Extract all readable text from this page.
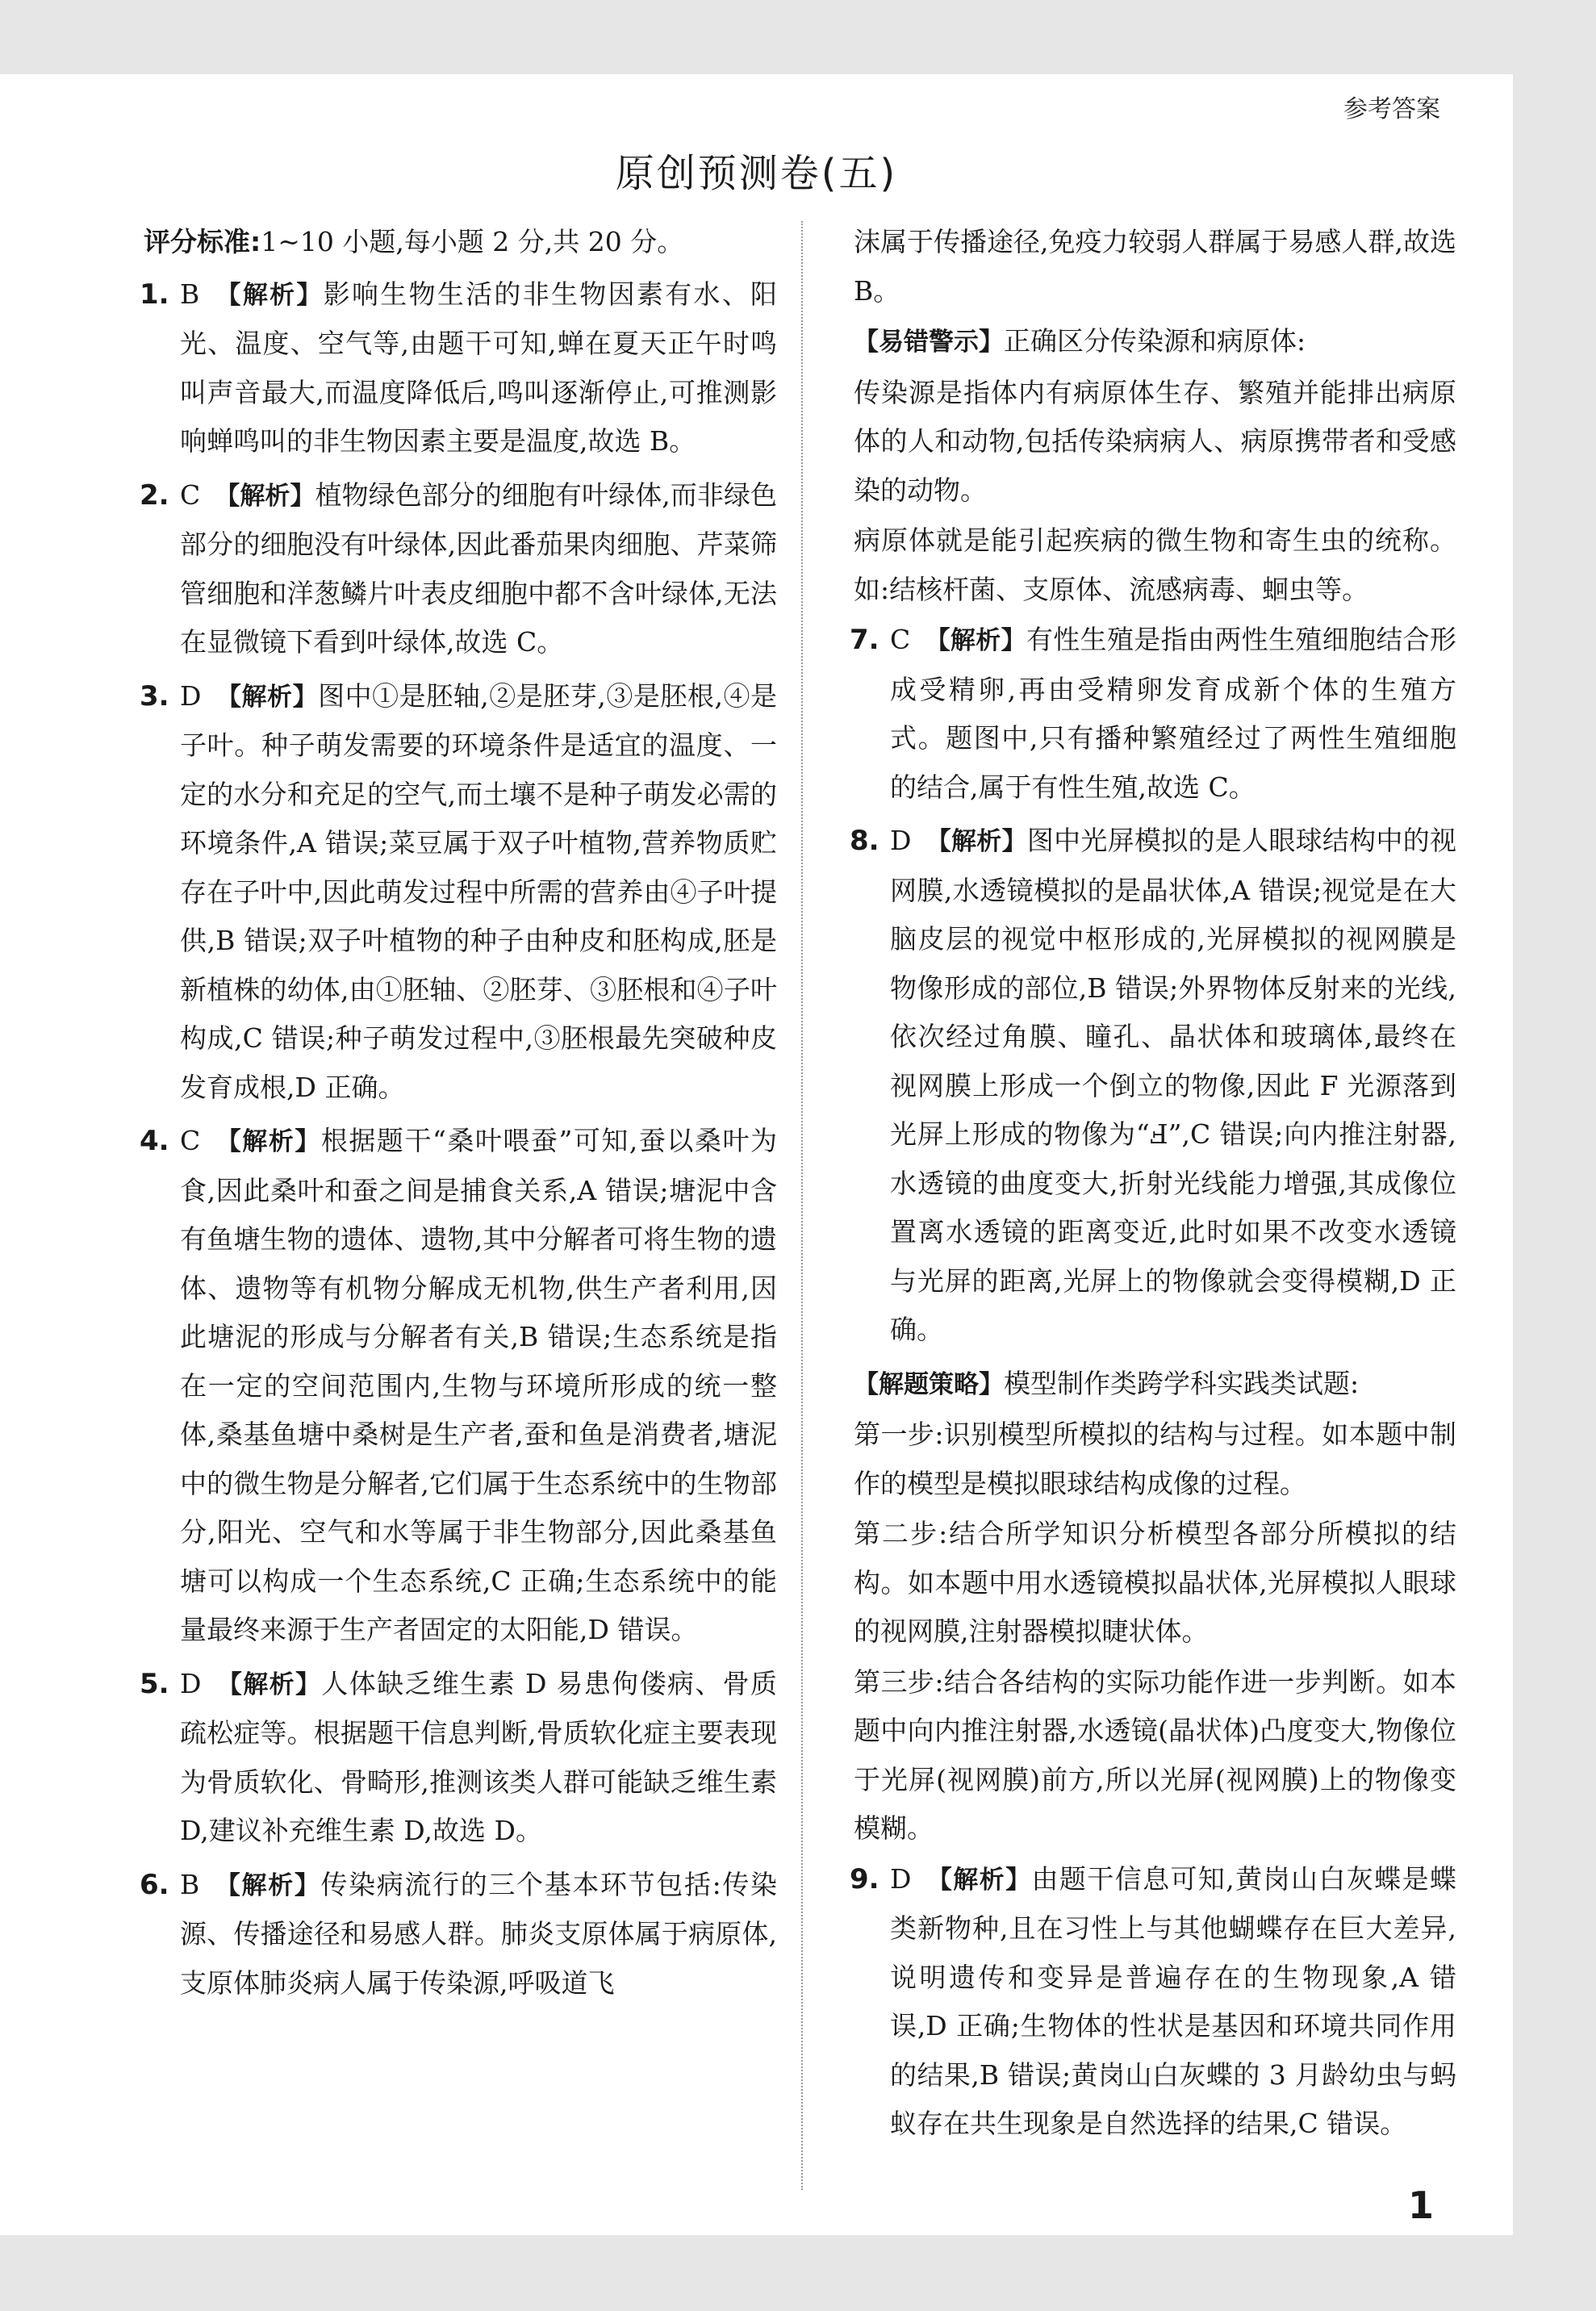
参考答案
原创预测卷(五)

评分标准:1~10 小题,每小题 2 分,共 20 分。

1. B 【解析】影响生物生活的非生物因素有水、阳光、温度、空气等,由题干可知,蝉在夏天正午时鸣叫声音最大,而温度降低后,鸣叫逐渐停止,可推测影响蝉鸣叫的非生物因素主要是温度,故选 B。

2. C 【解析】植物绿色部分的细胞有叶绿体,而非绿色部分的细胞没有叶绿体,因此番茄果肉细胞、芹菜筛管细胞和洋葱鳞片叶表皮细胞中都不含叶绿体,无法在显微镜下看到叶绿体,故选 C。

3. D 【解析】图中①是胚轴,②是胚芽,③是胚根,④是子叶。种子萌发需要的环境条件是适宜的温度、一定的水分和充足的空气,而土壤不是种子萌发必需的环境条件,A 错误;菜豆属于双子叶植物,营养物质贮存在子叶中,因此萌发过程中所需的营养由④子叶提供,B 错误;双子叶植物的种子由种皮和胚构成,胚是新植株的幼体,由①胚轴、②胚芽、③胚根和④子叶构成,C 错误;种子萌发过程中,③胚根最先突破种皮发育成根,D 正确。

4. C 【解析】根据题干“桑叶喂蚕”可知,蚕以桑叶为食,因此桑叶和蚕之间是捕食关系,A 错误;塘泥中含有鱼塘生物的遗体、遗物,其中分解者可将生物的遗体、遗物等有机物分解成无机物,供生产者利用,因此塘泥的形成与分解者有关,B 错误;生态系统是指在一定的空间范围内,生物与环境所形成的统一整体,桑基鱼塘中桑树是生产者,蚕和鱼是消费者,塘泥中的微生物是分解者,它们属于生态系统中的生物部分,阳光、空气和水等属于非生物部分,因此桑基鱼塘可以构成一个生态系统,C 正确;生态系统中的能量最终来源于生产者固定的太阳能,D 错误。

5. D 【解析】人体缺乏维生素 D 易患佝偻病、骨质疏松症等。根据题干信息判断,骨质软化症主要表现为骨质软化、骨畸形,推测该类人群可能缺乏维生素 D,建议补充维生素 D,故选 D。

6. B 【解析】传染病流行的三个基本环节包括:传染源、传播途径和易感人群。肺炎支原体属于病原体,支原体肺炎病人属于传染源,呼吸道飞

沫属于传播途径,免疫力较弱人群属于易感人群,故选 B。

【易错警示】正确区分传染源和病原体:

传染源是指体内有病原体生存、繁殖并能排出病原体的人和动物,包括传染病病人、病原携带者和受感染的动物。

病原体就是能引起疾病的微生物和寄生虫的统称。如:结核杆菌、支原体、流感病毒、蛔虫等。

7. C 【解析】有性生殖是指由两性生殖细胞结合形成受精卵,再由受精卵发育成新个体的生殖方式。题图中,只有播种繁殖经过了两性生殖细胞的结合,属于有性生殖,故选 C。

8. D 【解析】图中光屏模拟的是人眼球结构中的视网膜,水透镜模拟的是晶状体,A 错误;视觉是在大脑皮层的视觉中枢形成的,光屏模拟的视网膜是物像形成的部位,B 错误;外界物体反射来的光线,依次经过角膜、瞳孔、晶状体和玻璃体,最终在视网膜上形成一个倒立的物像,因此 F 光源落到光屏上形成的物像为“Ⅎ”,C 错误;向内推注射器,水透镜的曲度变大,折射光线能力增强,其成像位置离水透镜的距离变近,此时如果不改变水透镜与光屏的距离,光屏上的物像就会变得模糊,D 正确。

【解题策略】模型制作类跨学科实践类试题:

第一步:识别模型所模拟的结构与过程。如本题中制作的模型是模拟眼球结构成像的过程。

第二步:结合所学知识分析模型各部分所模拟的结构。如本题中用水透镜模拟晶状体,光屏模拟人眼球的视网膜,注射器模拟睫状体。

第三步:结合各结构的实际功能作进一步判断。如本题中向内推注射器,水透镜(晶状体)凸度变大,物像位于光屏(视网膜)前方,所以光屏(视网膜)上的物像变模糊。

9. D 【解析】由题干信息可知,黄岗山白灰蝶是蝶类新物种,且在习性上与其他蝴蝶存在巨大差异,说明遗传和变异是普遍存在的生物现象,A 错误,D 正确;生物体的性状是基因和环境共同作用的结果,B 错误;黄岗山白灰蝶的 3 月龄幼虫与蚂蚁存在共生现象是自然选择的结果,C 错误。

1
